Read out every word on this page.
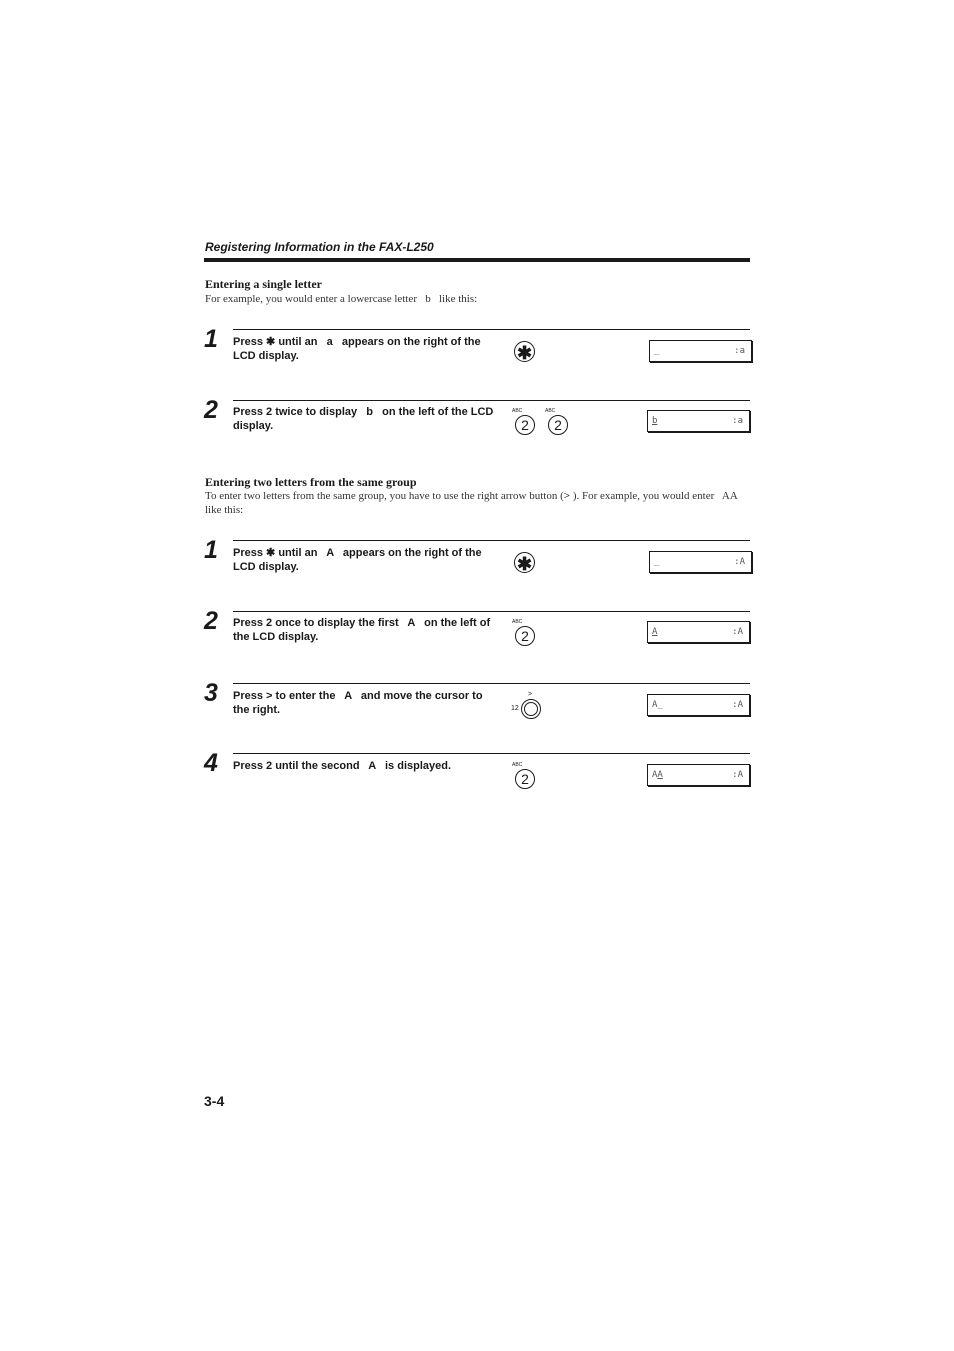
Registering Information in the FAX-L250
Entering a single letter
For example, you would enter a lowercase letter   b   like this:
1 Press ✱ until an   a   appears on the right of the LCD display.	✱	_	:a
2 Press 2 twice to display   b   on the left of the LCD display.
ABC
2
ABC
2	b	:a
Entering two letters from the same group
To enter two letters from the same group, you have to use the right arrow button (> ). For example, you would enter   AA   like this:
1 Press ✱ until an   A   appears on the right of the LCD display.	✱	_	:A
2 Press 2 once to display the first   A   on the left of the LCD display.
ABC
2	A	:A
3 Press > to enter the   A   and move the cursor to the right.
>
12	A_	:A
4 Press 2 until the second   A   is displayed.	ABC
2	AA	:A
3-4
